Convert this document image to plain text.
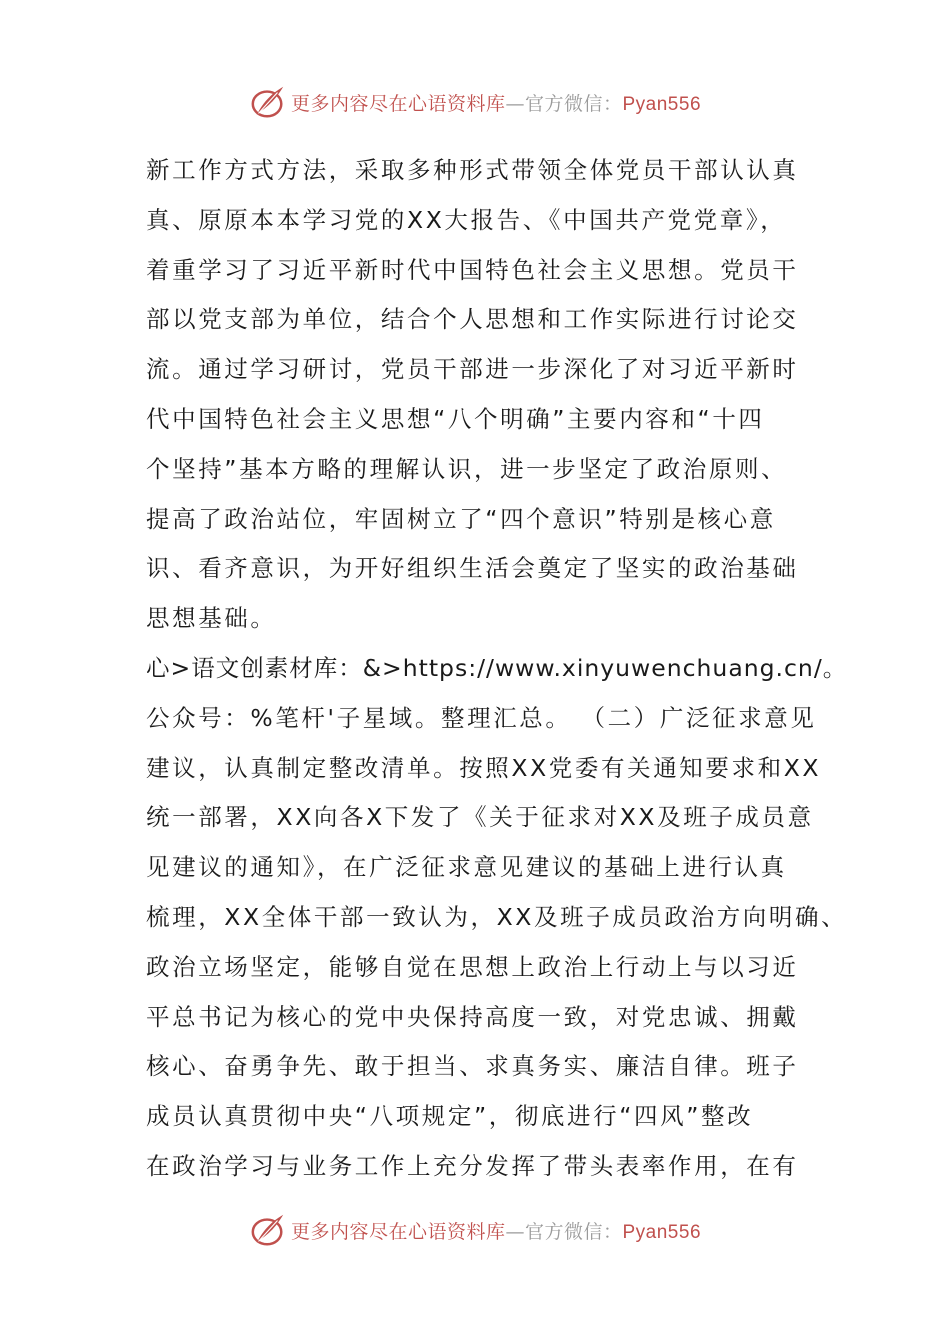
更多内容尽在心语资料库—官方微信：Pyan556
新工作方式方法，采取多种形式带领全体党员干部认认真
真、原原本本学习党的XX大报告、《中国共产党党章》，
着重学习了习近平新时代中国特色社会主义思想。党员干
部以党支部为单位，结合个人思想和工作实际进行讨论交
流。通过学习研讨，党员干部进一步深化了对习近平新时
代中国特色社会主义思想“八个明确”主要内容和“十四
个坚持”基本方略的理解认识，进一步坚定了政治原则、
提高了政治站位，牢固树立了“四个意识”特别是核心意
识、看齐意识，为开好组织生活会奠定了坚实的政治基础
思想基础。
心>语文创素材库：&>https://www.xinyuwenchuang.cn/。
公众号：%笔杆'子星域。整理汇总。 （二）广泛征求意见
建议，认真制定整改清单。按照XX党委有关通知要求和XX
统一部署，XX向各X下发了《关于征求对XX及班子成员意
见建议的通知》，在广泛征求意见建议的基础上进行认真
梳理，XX全体干部一致认为，XX及班子成员政治方向明确、
政治立场坚定，能够自觉在思想上政治上行动上与以习近
平总书记为核心的党中央保持高度一致，对党忠诚、拥戴
核心、奋勇争先、敢于担当、求真务实、廉洁自律。班子
成员认真贯彻中央“八项规定”，彻底进行“四风”整改
在政治学习与业务工作上充分发挥了带头表率作用，在有
更多内容尽在心语资料库—官方微信：Pyan556
